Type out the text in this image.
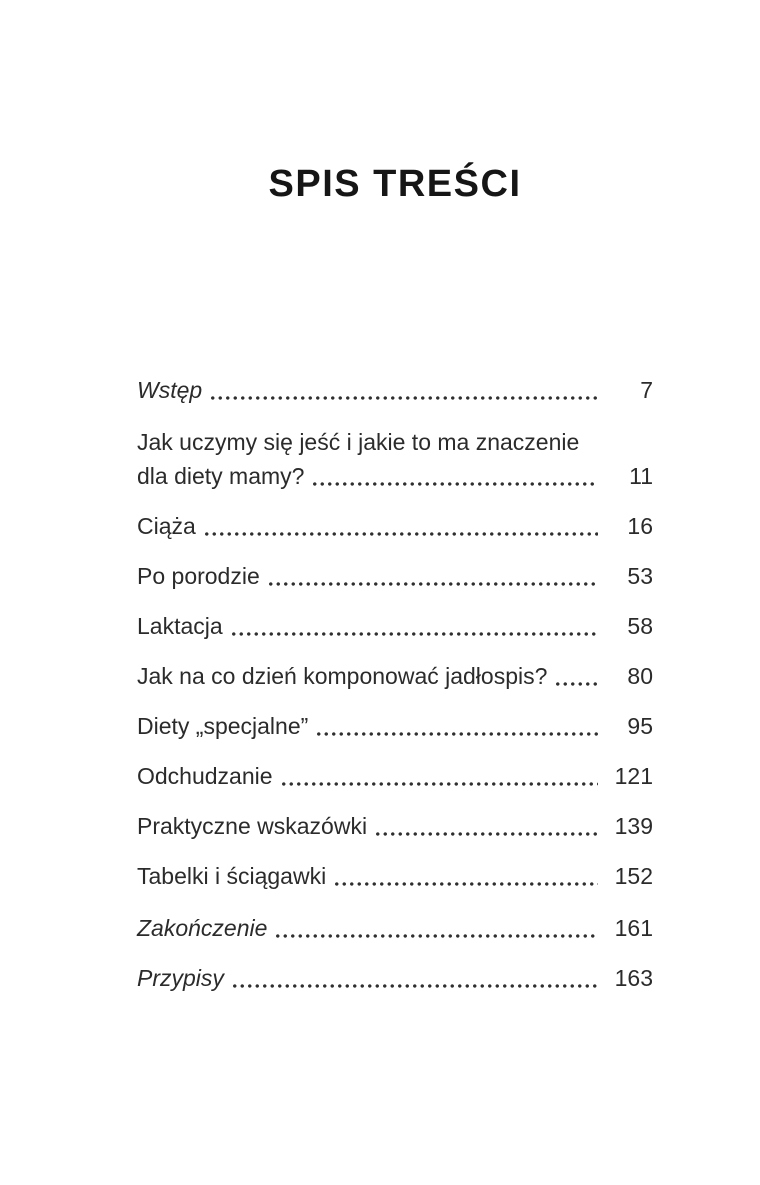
SPIS TREŚCI
Wstęp	7
Jak uczymy się jeść i jakie to ma znaczenie
dla diety mamy?	11
Ciąża	16
Po porodzie	53
Laktacja	58
Jak na co dzień komponować jadłospis?	80
Diety „specjalne”	95
Odchudzanie	121
Praktyczne wskazówki	139
Tabelki i ściągawki	152
Zakończenie	161
Przypisy	163
